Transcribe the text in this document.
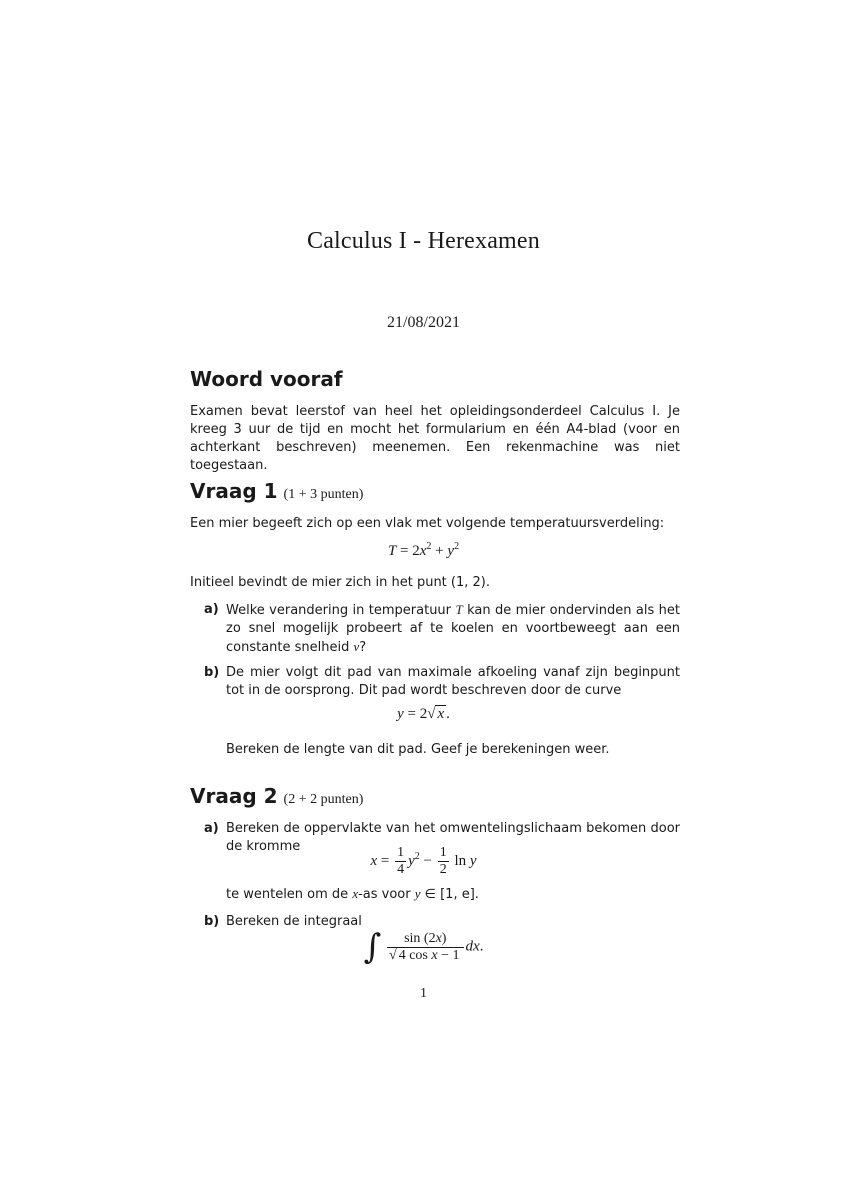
Calculus I - Herexamen
21/08/2021
Woord vooraf
Examen bevat leerstof van heel het opleidingsonderdeel Calculus I. Je kreeg 3 uur de tijd en mocht het formularium en één A4-blad (voor en achterkant beschreven) meenemen. Een rekenmachine was niet toegestaan.
Vraag 1 (1 + 3 punten)
Een mier begeeft zich op een vlak met volgende temperatuursverdeling:
$T = 2x^2 + y^2$
Initieel bevindt de mier zich in het punt (1, 2).
a) Welke verandering in temperatuur T kan de mier ondervinden als het zo snel mogelijk probeert af te koelen en voortbeweegt aan een constante snelheid v?
b) De mier volgt dit pad van maximale afkoeling vanaf zijn beginpunt tot in de oorsprong. Dit pad wordt beschreven door de curve
y = 2√ x .
Bereken de lengte van dit pad. Geef je berekeningen weer.
Vraag 2 (2 + 2 punten)
a) Bereken de oppervlakte van het omwentelingslichaam bekomen door de kromme
$x = \frac{1}{4} y^2 - \frac{1}{2}$ ln y
te wentelen om de x-as voor y ∈ [1, e].
b) Bereken de integraal
∫ $\frac{\sin (2x)}{\text{√ 4 cos x − 1}}$ dx.
1
